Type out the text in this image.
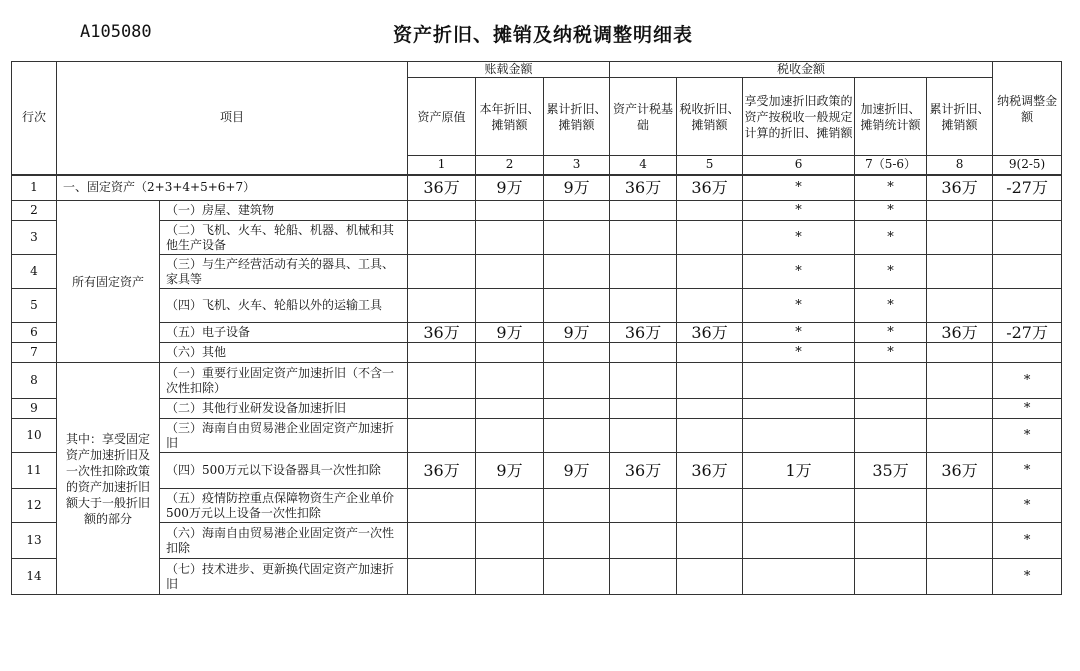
A105080	资产折旧、摊销及纳税调整明细表
行次	项目		账载金额			税收金额					纳税调整金额
			资产原值	本年折旧、摊销额	累计折旧、摊销额	资产计税基础	税收折旧、摊销额	享受加速折旧政策的资产按税收一般规定计算的折旧、摊销额	加速折旧、摊销统计额	累计折旧、摊销额	
			1	2	3	4	5	6	7（5-6）	8	9(2-5)
1	一、固定资产（2+3+4+5+6+7）		36万	9万	9万	36万	36万	*	*	36万	-27万
2	所有固定资产	（一）房屋、建筑物						*	*		
3		（二）飞机、火车、轮船、机器、机械和其他生产设备						*	*		
4		（三）与生产经营活动有关的器具、工具、家具等						*	*		
5		（四）飞机、火车、轮船以外的运输工具						*	*		
6		（五）电子设备	36万	9万	9万	36万	36万	*	*	36万	-27万
7		（六）其他						*	*		
8	其中：享受固定资产加速折旧及一次性扣除政策的资产加速折旧额大于一般折旧额的部分	（一）重要行业固定资产加速折旧（不含一次性扣除）									*
9		（二）其他行业研发设备加速折旧									*
10		（三）海南自由贸易港企业固定资产加速折旧									*
11		（四）500万元以下设备器具一次性扣除	36万	9万	9万	36万	36万	1万	35万	36万	*
12		（五）疫情防控重点保障物资生产企业单价500万元以上设备一次性扣除									*
13		（六）海南自由贸易港企业固定资产一次性扣除									*
14		（七）技术进步、更新换代固定资产加速折旧									*
